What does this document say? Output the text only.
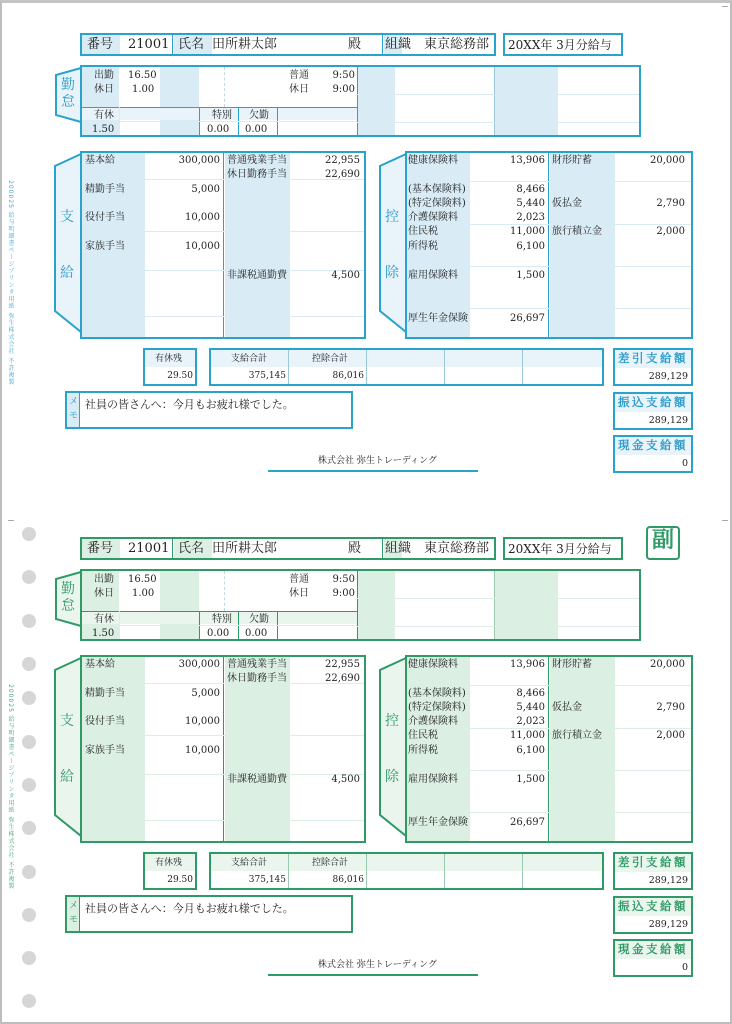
200025 給与明細書ページプリンタ用紙 弥生株式会社 不許複製
番号 21001 氏名 田所耕太郎	殿 組織 東京総務部 20XX年 3月分給与
勤
怠
出勤 16.50
休日 1.00
有休
1.50
特別
0.00
欠勤
0.00
普通	9:50
休日	9:00
支
給
基本給	300,000
精勤手当	5,000
役付手当	10,000
家族手当	10,000
普通残業手当	22,955
休日勤務手当	22,690
非課税通勤費	4,500
控
除
健康保険料	13,906
(基本保険料)	8,466
(特定保険料)	5,440
介護保険料	2,023
住民税	11,000
所得税	6,100
雇用保険料	1,500
厚生年金保険	26,697
財形貯蓄	20,000
仮払金	2,790
旅行積立金	2,000
有休残
29.50
支給合計
375,145
控除合計
86,016
差引支給額
289,129
振込支給額
289,129
現金支給額
0
メ
モ
社員の皆さんへ：今月もお疲れ様でした。
株式会社 弥生トレーディング
200025 給与明細書ページプリンタ用紙 弥生株式会社 不許複製
副
番号 21001 氏名 田所耕太郎	殿 組織 東京総務部 20XX年 3月分給与
勤
怠
出勤 16.50
休日 1.00
有休
1.50
特別
0.00
欠勤
0.00
普通	9:50
休日	9:00
支
給
基本給	300,000
精勤手当	5,000
役付手当	10,000
家族手当	10,000
普通残業手当	22,955
休日勤務手当	22,690
非課税通勤費	4,500
控
除
健康保険料	13,906
(基本保険料)	8,466
(特定保険料)	5,440
介護保険料	2,023
住民税	11,000
所得税	6,100
雇用保険料	1,500
厚生年金保険	26,697
財形貯蓄	20,000
仮払金	2,790
旅行積立金	2,000
有休残
29.50
支給合計
375,145
控除合計
86,016
差引支給額
289,129
振込支給額
289,129
現金支給額
0
メ
モ
社員の皆さんへ：今月もお疲れ様でした。
株式会社 弥生トレーディング
